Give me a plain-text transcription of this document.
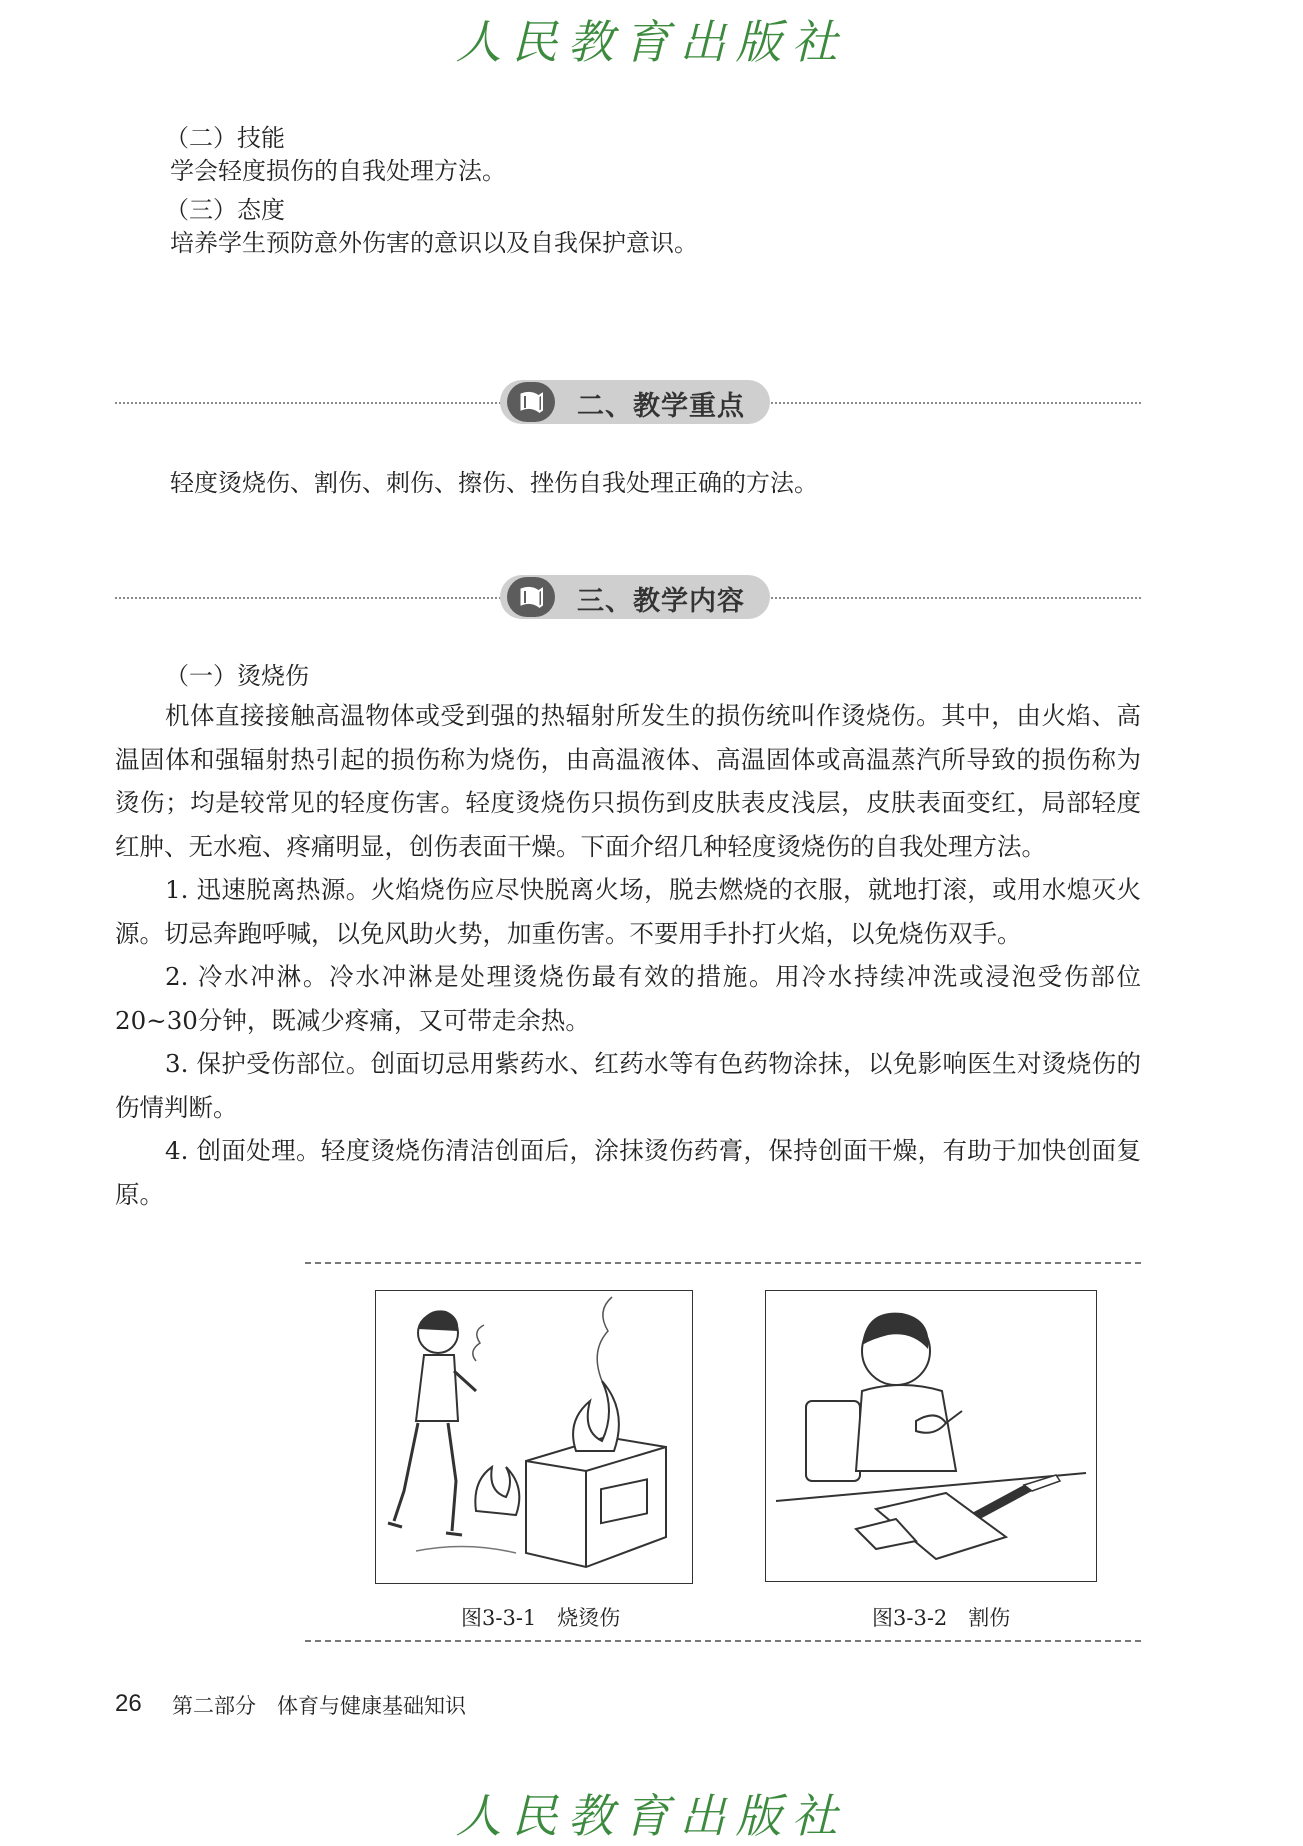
人民教育出版社
（二）技能
学会轻度损伤的自我处理方法。
（三）态度
培养学生预防意外伤害的意识以及自我保护意识。
二、教学重点
轻度烫烧伤、割伤、刺伤、擦伤、挫伤自我处理正确的方法。
三、教学内容
（一）烫烧伤

机体直接接触高温物体或受到强的热辐射所发生的损伤统叫作烫烧伤。其中，由火焰、高温固体和强辐射热引起的损伤称为烧伤，由高温液体、高温固体或高温蒸汽所导致的损伤称为烫伤；均是较常见的轻度伤害。轻度烫烧伤只损伤到皮肤表皮浅层，皮肤表面变红，局部轻度红肿、无水疱、疼痛明显，创伤表面干燥。下面介绍几种轻度烫烧伤的自我处理方法。

1. 迅速脱离热源。火焰烧伤应尽快脱离火场，脱去燃烧的衣服，就地打滚，或用水熄灭火源。切忌奔跑呼喊，以免风助火势，加重伤害。不要用手扑打火焰，以免烧伤双手。

2. 冷水冲淋。冷水冲淋是处理烫烧伤最有效的措施。用冷水持续冲洗或浸泡受伤部位20~30分钟，既减少疼痛，又可带走余热。

3. 保护受伤部位。创面切忌用紫药水、红药水等有色药物涂抹，以免影响医生对烫烧伤的伤情判断。

4. 创面处理。轻度烫烧伤清洁创面后，涂抹烫伤药膏，保持创面干燥，有助于加快创面复原。

图3-3-1　烧烫伤	图3-3-2　割伤
26 第二部分　体育与健康基础知识
人民教育出版社
